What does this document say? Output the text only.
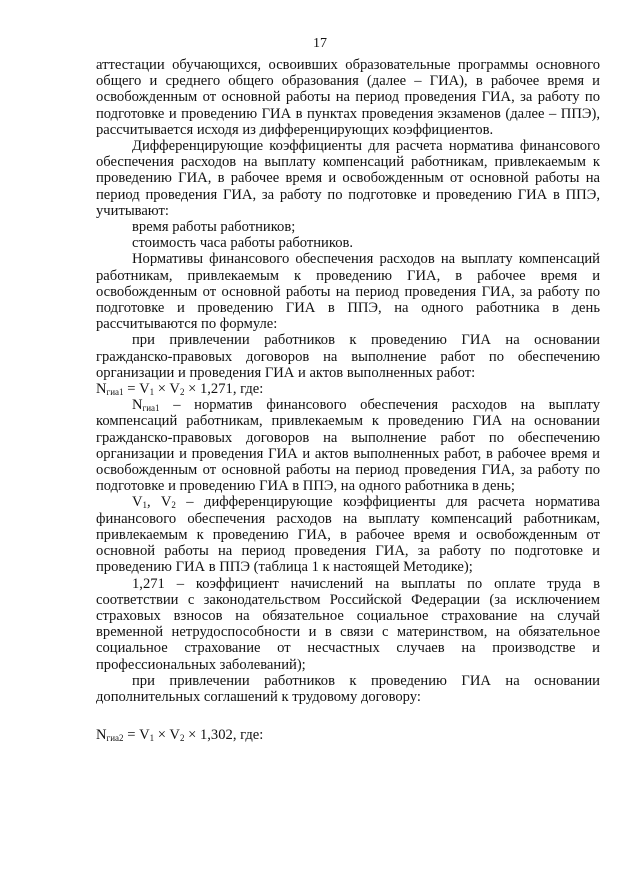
17

аттестации обучающихся, освоивших образовательные программы основного общего и среднего общего образования (далее – ГИА), в рабочее время и освобожденным от основной работы на период проведения ГИА, за работу по подготовке и проведению ГИА в пунктах проведения экзаменов (далее – ППЭ), рассчитывается исходя из дифференцирующих коэффициентов.

Дифференцирующие коэффициенты для расчета норматива финансового обеспечения расходов на выплату компенсаций работникам, привлекаемым к проведению ГИА, в рабочее время и освобожденным от основной работы на период проведения ГИА, за работу по подготовке и проведению ГИА в ППЭ, учитывают:

время работы работников;

стоимость часа работы работников.

Нормативы финансового обеспечения расходов на выплату компенсаций работникам, привлекаемым к проведению ГИА, в рабочее время и освобожденным от основной работы на период проведения ГИА, за работу по подготовке и проведению ГИА в ППЭ, на одного работника в день рассчитываются по формуле:

при привлечении работников к проведению ГИА на основании гражданско-правовых договоров на выполнение работ по обеспечению организации и проведения ГИА и актов выполненных работ:

$N_{гиа1} = V_1 \times V_2 \times 1,271$, где:

$N_{гиа1}$ – норматив финансового обеспечения расходов на выплату компенсаций работникам, привлекаемым к проведению ГИА на основании гражданско-правовых договоров на выполнение работ по обеспечению организации и проведения ГИА и актов выполненных работ, в рабочее время и освобожденным от основной работы на период проведения ГИА, за работу по подготовке и проведению ГИА в ППЭ, на одного работника в день;

$V_1$, $V_2$ – дифференцирующие коэффициенты для расчета норматива финансового обеспечения расходов на выплату компенсаций работникам, привлекаемым к проведению ГИА, в рабочее время и освобожденным от основной работы на период проведения ГИА, за работу по подготовке и проведению ГИА в ППЭ (таблица 1 к настоящей Методике);

1,271 – коэффициент начислений на выплаты по оплате труда в соответствии с законодательством Российской Федерации (за исключением страховых взносов на обязательное социальное страхование на случай временной нетрудоспособности и в связи с материнством, на обязательное социальное страхование от несчастных случаев на производстве и профессиональных заболеваний);

при привлечении работников к проведению ГИА на основании дополнительных соглашений к трудовому договору:

$N_{гиа2} = V_1 \times V_2 \times 1,302$, где:
